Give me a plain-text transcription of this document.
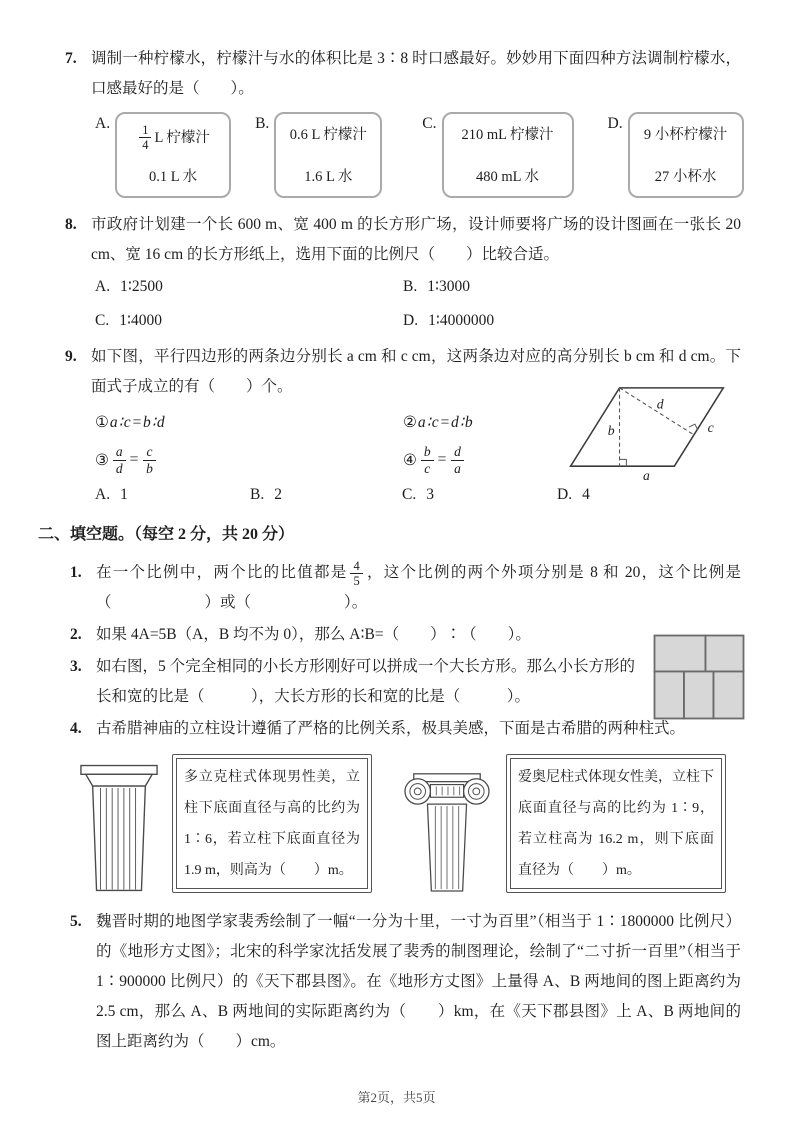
7. 调制一种柠檬水，柠檬汁与水的体积比是 3∶8 时口感最好。妙妙用下面四种方法调制柠檬水，口感最好的是（　　）。
A. $\frac{1}{4}$ L 柠檬汁
0.1 L 水
B.
0.6 L 柠檬汁
1.6 L 水
C.
210 mL 柠檬汁
480 mL 水
D.
9 小杯柠檬汁
27 小杯水
8. 市政府计划建一个长 600 m、宽 400 m 的长方形广场，设计师要将广场的设计图画在一张长 20 cm、宽 16 cm 的长方形纸上，选用下面的比例尺（　　）比较合适。
A. 1∶2500	B. 1∶3000
C. 1∶4000	D. 1∶4000000
9. 如下图，平行四边形的两条边分别长 a cm 和 c cm，这两条边对应的高分别长 b cm 和 d cm。下面式子成立的有（　　）个。
① a∶c=b∶d	② a∶c=d∶b
③ $\frac{a}{d} = \frac{c}{b}$	④ $\frac{b}{c} = \frac{d}{a}$
b
d
c
a
A. 1	B. 2	C. 3	D. 4
二、填空题。（每空 2 分，共 20 分）
1. 在一个比例中，两个比的比值都是 $\frac{4}{5}$ ，这个比例的两个外项分别是 8 和 20，这个比例是（　　　　　　）或（　　　　　　）。
2. 如果 4A=5B（A，B 均不为 0），那么 A∶B=（　　）∶（　　）。
3. 如右图，5 个完全相同的小长方形刚好可以拼成一个大长方形。那么小长方形的长和宽的比是（　　　），大长方形的长和宽的比是（　　　）。
4. 古希腊神庙的立柱设计遵循了严格的比例关系，极具美感，下面是古希腊的两种柱式。
多立克柱式体现男性美，立柱下底面直径与高的比约为 1∶6，若立柱下底面直径为 1.9 m，则高为（　　）m。
爱奥尼柱式体现女性美，立柱下底面直径与高的比约为 1∶9，若立柱高为 16.2 m，则下底面直径为（　　）m。
5. 魏晋时期的地图学家裴秀绘制了一幅“一分为十里，一寸为百里”（相当于 1∶1800000 比例尺）的《地形方丈图》；北宋的科学家沈括发展了裴秀的制图理论，绘制了“二寸折一百里”（相当于 1∶900000 比例尺）的《天下郡县图》。在《地形方丈图》上量得 A、B 两地间的图上距离约为 2.5 cm，那么 A、B 两地间的实际距离约为（　　）km，在《天下郡县图》上 A、B 两地间的图上距离约为（　　）cm。
第2页，共5页
